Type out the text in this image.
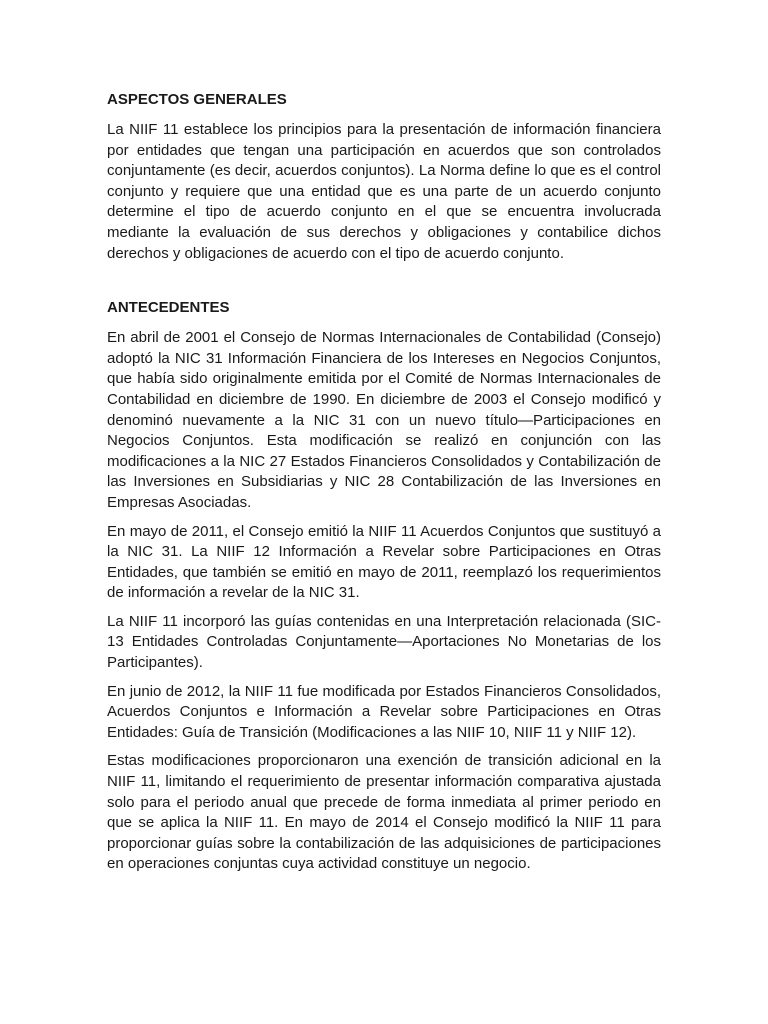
ASPECTOS GENERALES

La NIIF 11 establece los principios para la presentación de información financiera por entidades que tengan una participación en acuerdos que son controlados conjuntamente (es decir, acuerdos conjuntos). La Norma define lo que es el control conjunto y requiere que una entidad que es una parte de un acuerdo conjunto determine el tipo de acuerdo conjunto en el que se encuentra involucrada mediante la evaluación de sus derechos y obligaciones y contabilice dichos derechos y obligaciones de acuerdo con el tipo de acuerdo conjunto.

ANTECEDENTES

En abril de 2001 el Consejo de Normas Internacionales de Contabilidad (Consejo) adoptó la NIC 31 Información Financiera de los Intereses en Negocios Conjuntos, que había sido originalmente emitida por el Comité de Normas Internacionales de Contabilidad en diciembre de 1990. En diciembre de 2003 el Consejo modificó y denominó nuevamente a la NIC 31 con un nuevo título—Participaciones en Negocios Conjuntos. Esta modificación se realizó en conjunción con las modificaciones a la NIC 27 Estados Financieros Consolidados y Contabilización de las Inversiones en Subsidiarias y NIC 28 Contabilización de las Inversiones en Empresas Asociadas.

En mayo de 2011, el Consejo emitió la NIIF 11 Acuerdos Conjuntos que sustituyó a la NIC 31. La NIIF 12 Información a Revelar sobre Participaciones en Otras Entidades, que también se emitió en mayo de 2011, reemplazó los requerimientos de información a revelar de la NIC 31.

La NIIF 11 incorporó las guías contenidas en una Interpretación relacionada (SIC-13 Entidades Controladas Conjuntamente—Aportaciones No Monetarias de los Participantes).

En junio de 2012, la NIIF 11 fue modificada por Estados Financieros Consolidados, Acuerdos Conjuntos e Información a Revelar sobre Participaciones en Otras Entidades: Guía de Transición (Modificaciones a las NIIF 10, NIIF 11 y NIIF 12).

Estas modificaciones proporcionaron una exención de transición adicional en la NIIF 11, limitando el requerimiento de presentar información comparativa ajustada solo para el periodo anual que precede de forma inmediata al primer periodo en que se aplica la NIIF 11. En mayo de 2014 el Consejo modificó la NIIF 11 para proporcionar guías sobre la contabilización de las adquisiciones de participaciones en operaciones conjuntas cuya actividad constituye un negocio.
